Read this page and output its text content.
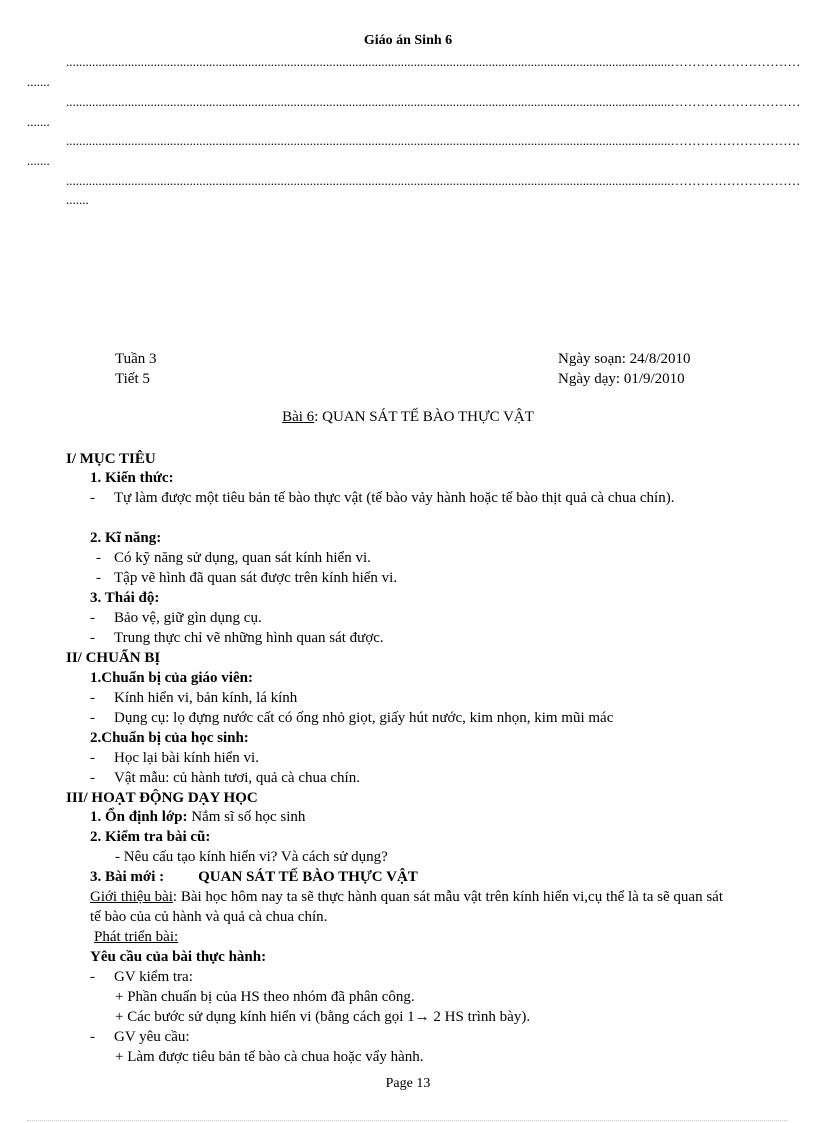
Giáo án Sinh 6
..........................................................................................................................................................................................…………………………
.......
..........................................................................................................................................................................................…………………………
.......
..........................................................................................................................................................................................…………………………
.......
..........................................................................................................................................................................................…………………………
.......
Tuần 3
Tiết 5
Ngày soạn: 24/8/2010
Ngày dạy: 01/9/2010
Bài 6: QUAN SÁT TẾ BÀO THỰC VẬT
I/ MỤC TIÊU
1. Kiến thức:
- Tự làm được một tiêu bản tế bào thực vật (tế bào vảy hành hoặc tế bào thịt quả cà chua chín).
2. Kĩ năng:
- Có kỹ năng sử dụng, quan sát kính hiển vi.
- Tập vẽ hình đã quan sát được trên kính hiển vi.
3. Thái độ:
- Bảo vệ, giữ gìn dụng cụ.
- Trung thực chỉ vẽ những hình quan sát được.
II/ CHUẨN BỊ
1.Chuẩn bị của giáo viên:
- Kính hiển vi, bản kính, lá kính
- Dụng cụ: lọ đựng nước cất có ống nhỏ giọt, giấy hút nước, kim nhọn, kim mũi mác
2.Chuẩn bị của học sinh:
- Học lại bài kính hiển vi.
- Vật mẫu: củ hành tươi, quả cà chua chín.
III/ HOẠT ĐỘNG DẠY HỌC
1. Ổn định lớp: Nắm sĩ số học sinh
2. Kiểm tra bài cũ:
- Nêu cấu tạo kính hiển vi? Và cách sử dụng?
3. Bài mới : QUAN SÁT TẾ BÀO THỰC VẬT
Giới thiệu bài: Bài học hôm nay ta sẽ thực hành quan sát mẫu vật trên kính hiển vi,cụ thể là ta sẽ quan sát tế bào của củ hành và quả cà chua chín.
Phát triển bài:
Yêu cầu của bài thực hành:
- GV kiểm tra:
+ Phần chuẩn bị của HS theo nhóm đã phân công.
+ Các bước sử dụng kính hiển vi (bằng cách gọi 1→ 2 HS trình bày).
- GV yêu cầu:
+ Làm được tiêu bản tế bào cà chua hoặc vẩy hành.
Page 13
